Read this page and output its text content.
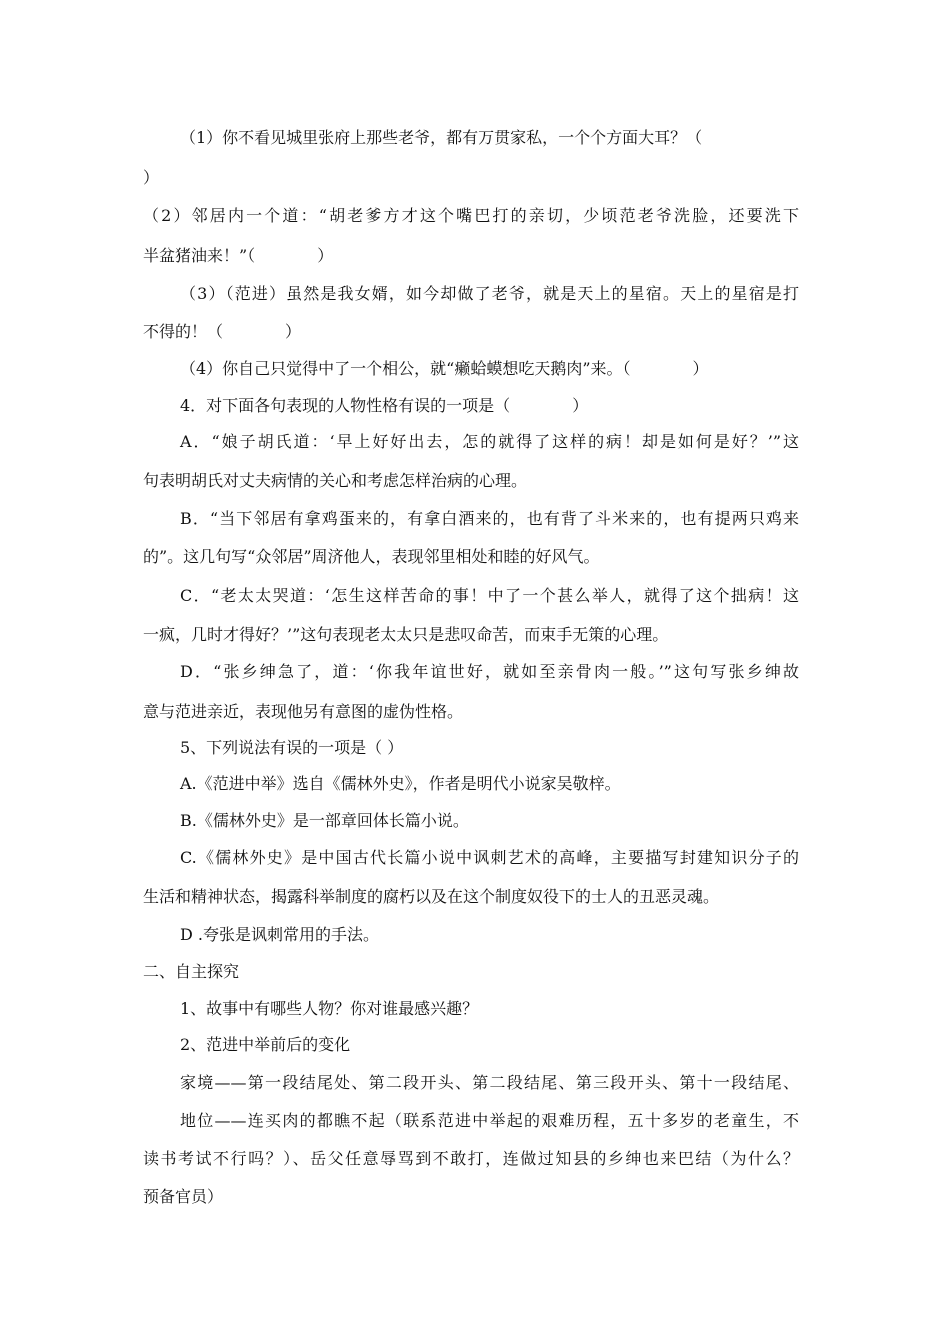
（1）你不看见城里张府上那些老爷，都有万贯家私，一个个方面大耳？（
）
（2）邻居内一个道：“胡老爹方才这个嘴巴打的亲切，少顷范老爷洗脸，还要洗下
半盆猪油来！”（	）
（3）（范进）虽然是我女婿，如今却做了老爷，就是天上的星宿。天上的星宿是打
不得的！（	）
（4）你自己只觉得中了一个相公，就“癞蛤蟆想吃天鹅肉”来。（	）
4．对下面各句表现的人物性格有误的一项是（	）
A．“娘子胡氏道：‘早上好好出去，怎的就得了这样的病！却是如何是好？’”这
句表明胡氏对丈夫病情的关心和考虑怎样治病的心理。
B．“当下邻居有拿鸡蛋来的，有拿白酒来的，也有背了斗米来的，也有提两只鸡来
的”。这几句写“众邻居”周济他人，表现邻里相处和睦的好风气。
C．“老太太哭道：‘怎生这样苦命的事！中了一个甚么举人，就得了这个拙病！这
一疯，几时才得好？’”这句表现老太太只是悲叹命苦，而束手无策的心理。
D．“张乡绅急了，道：‘你我年谊世好，就如至亲骨肉一般。’”这句写张乡绅故
意与范进亲近，表现他另有意图的虚伪性格。
5、下列说法有误的一项是（ ）
A.《范进中举》选自《儒林外史》，作者是明代小说家吴敬梓。
B.《儒林外史》是一部章回体长篇小说。
C.《儒林外史》是中国古代长篇小说中讽刺艺术的高峰，主要描写封建知识分子的
生活和精神状态，揭露科举制度的腐朽以及在这个制度奴役下的士人的丑恶灵魂。
D .夸张是讽刺常用的手法。
二、自主探究
1、故事中有哪些人物？你对谁最感兴趣？
2、范进中举前后的变化
家境——第一段结尾处、第二段开头、第二段结尾、第三段开头、第十一段结尾、
地位——连买肉的都瞧不起（联系范进中举起的艰难历程，五十多岁的老童生，不
读书考试不行吗？）、岳父任意辱骂到不敢打，连做过知县的乡绅也来巴结（为什么？
预备官员）
